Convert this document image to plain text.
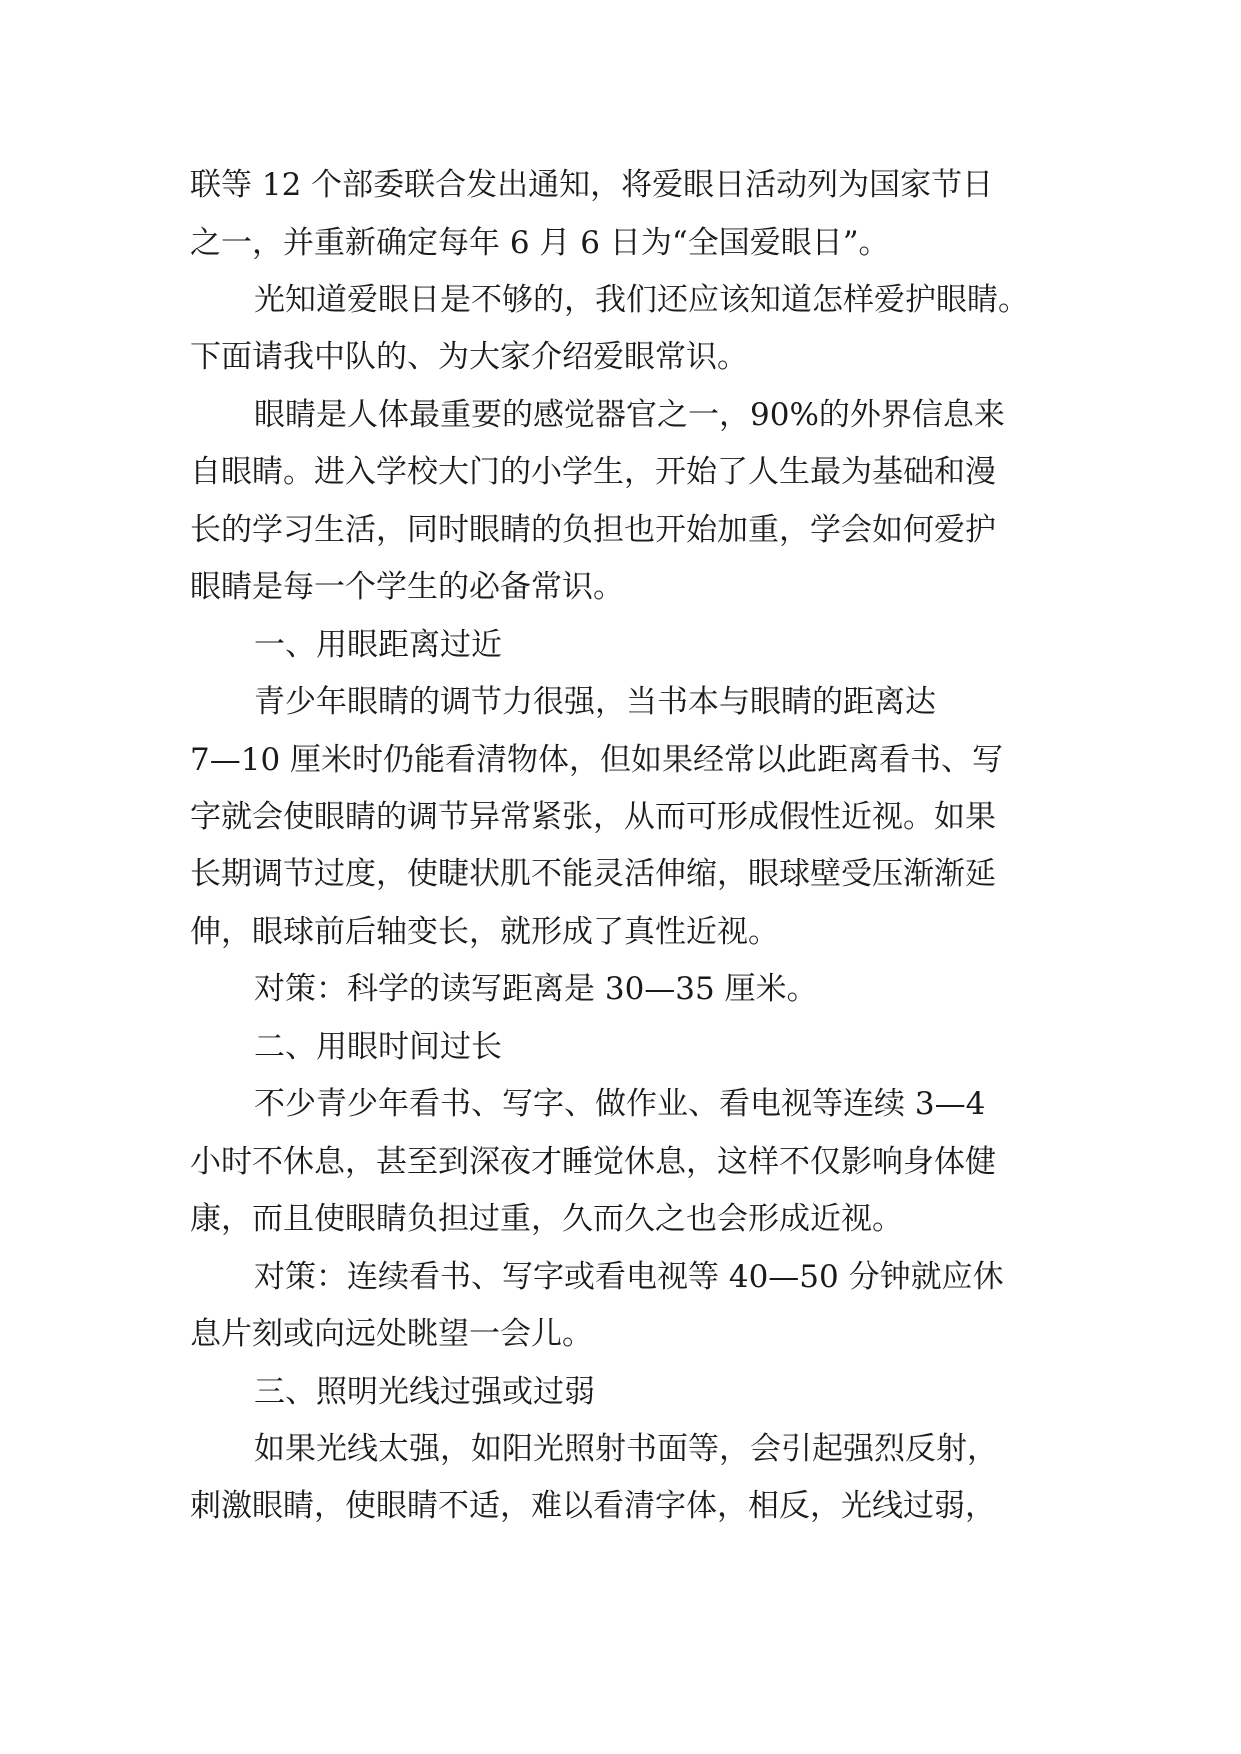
联等 12 个部委联合发出通知，将爱眼日活动列为国家节日
之一，并重新确定每年 6 月 6 日为“全国爱眼日”。
光知道爱眼日是不够的，我们还应该知道怎样爱护眼睛。
下面请我中队的、为大家介绍爱眼常识。
眼睛是人体最重要的感觉器官之一，90%的外界信息来
自眼睛。进入学校大门的小学生，开始了人生最为基础和漫
长的学习生活，同时眼睛的负担也开始加重，学会如何爱护
眼睛是每一个学生的必备常识。
一、用眼距离过近
青少年眼睛的调节力很强，当书本与眼睛的距离达
7—10 厘米时仍能看清物体，但如果经常以此距离看书、写
字就会使眼睛的调节异常紧张，从而可形成假性近视。如果
长期调节过度，使睫状肌不能灵活伸缩，眼球壁受压渐渐延
伸，眼球前后轴变长，就形成了真性近视。
对策：科学的读写距离是 30—35 厘米。
二、用眼时间过长
不少青少年看书、写字、做作业、看电视等连续 3—4
小时不休息，甚至到深夜才睡觉休息，这样不仅影响身体健
康，而且使眼睛负担过重，久而久之也会形成近视。
对策：连续看书、写字或看电视等 40—50 分钟就应休
息片刻或向远处眺望一会儿。
三、照明光线过强或过弱
如果光线太强，如阳光照射书面等，会引起强烈反射，
刺激眼睛，使眼睛不适，难以看清字体，相反，光线过弱，
